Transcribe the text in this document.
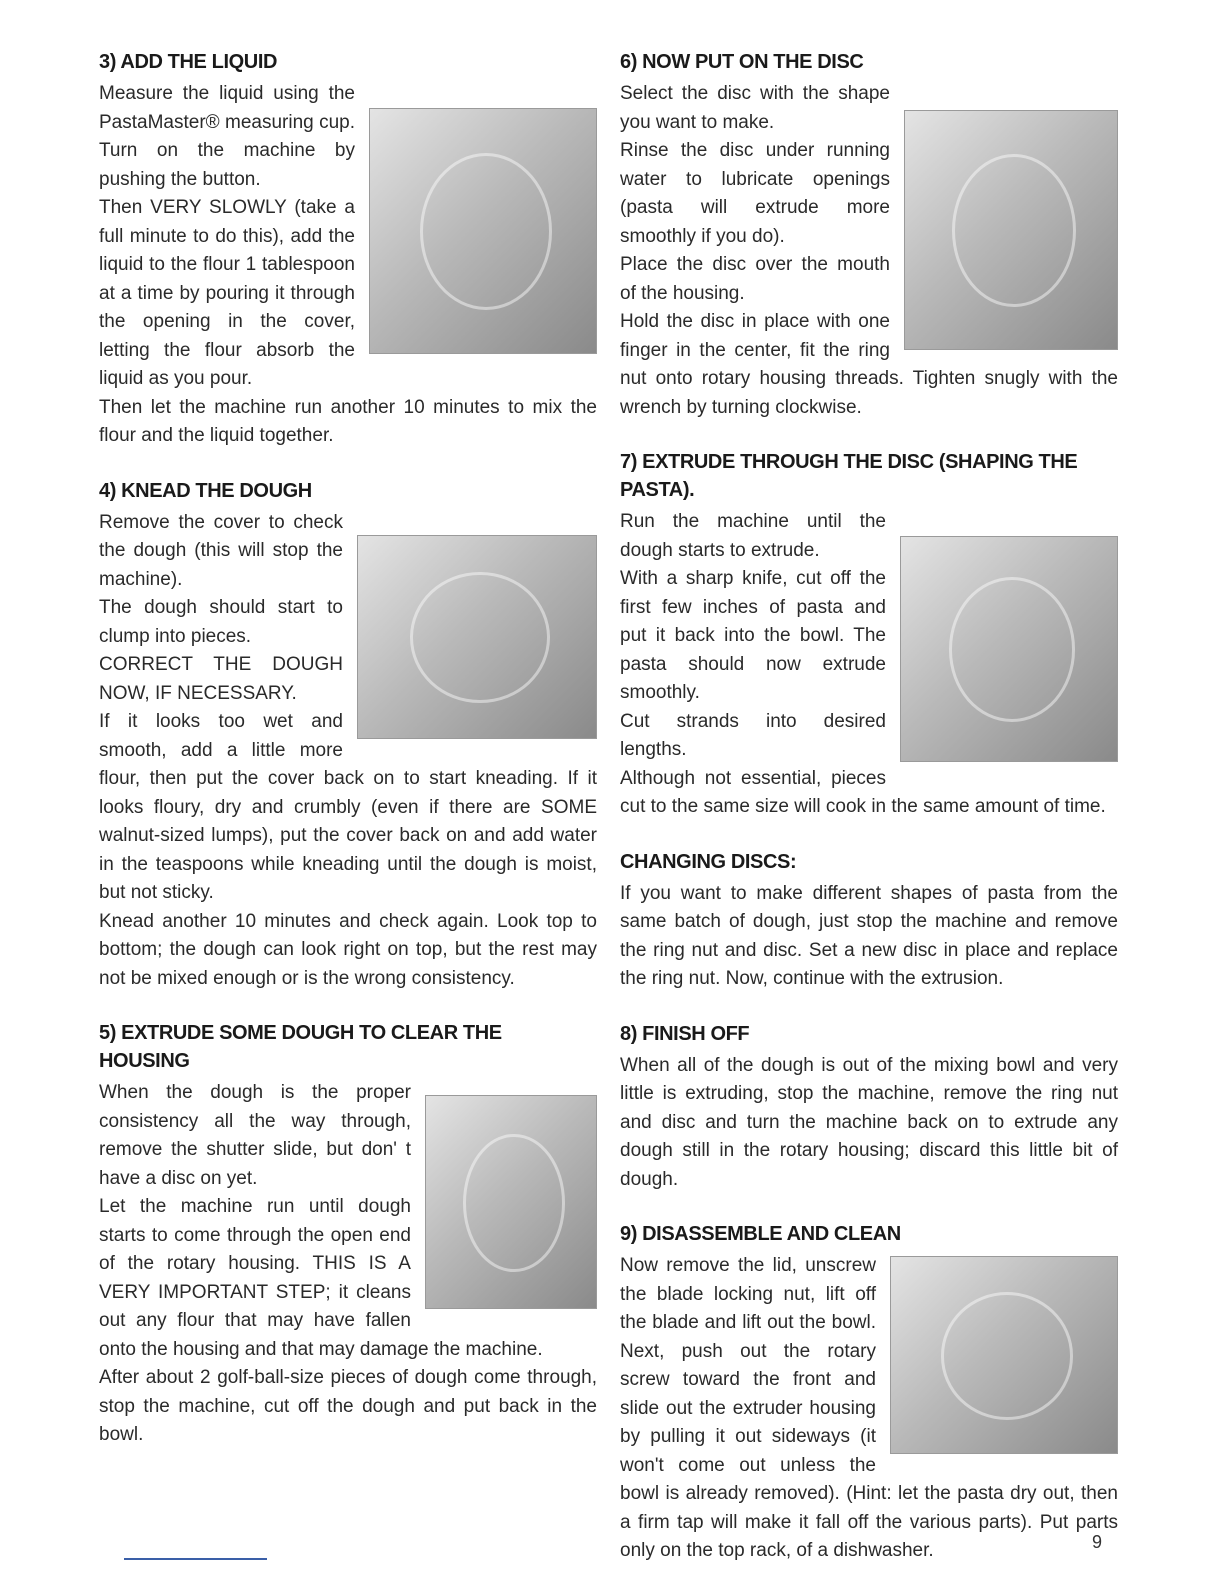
3) ADD THE LIQUID

Measure the liquid using the PastaMaster® measuring cup. Turn on the machine by pushing the button.

Then VERY SLOWLY (take a full minute to do this), add the liquid to the flour 1 tablespoon at a time by pouring it through the opening in the cover, letting the flour absorb the liquid as you pour.

Then let the machine run another 10 minutes to mix the flour and the liquid together.

4) KNEAD THE DOUGH

Remove the cover to check the dough (this will stop the machine).

The dough should start to clump into pieces.

CORRECT THE DOUGH NOW, IF NECESSARY.

If it looks too wet and smooth, add a little more flour, then put the cover back on to start kneading. If it looks floury, dry and crumbly (even if there are SOME walnut-sized lumps), put the cover back on and add water in the teaspoons while kneading until the dough is moist, but not sticky.

Knead another 10 minutes and check again. Look top to bottom; the dough can look right on top, but the rest may not be mixed enough or is the wrong consistency.

5) EXTRUDE SOME DOUGH TO CLEAR THE HOUSING

When the dough is the proper consistency all the way through, remove the shutter slide, but don' t have a disc on yet.

Let the machine run until dough starts to come through the open end of the rotary housing. THIS IS A VERY IMPORTANT STEP; it cleans out any flour that may have fallen onto the housing and that may damage the machine.

After about 2 golf-ball-size pieces of dough come through, stop the machine, cut off the dough and put back in the bowl.

6) NOW PUT ON THE DISC

Select the disc with the shape you want to make.

Rinse the disc under running water to lubricate openings (pasta will extrude more smoothly if you do).

Place the disc over the mouth of the housing.

Hold the disc in place with one finger in the center, fit the ring nut onto rotary housing threads. Tighten snugly with the wrench by turning clockwise.

7) EXTRUDE THROUGH THE DISC (SHAPING THE PASTA).

Run the machine until the dough starts to extrude.

With a sharp knife, cut off the first few inches of pasta and put it back into the bowl. The pasta should now extrude smoothly.

Cut strands into desired lengths.

Although not essential, pieces cut to the same size will cook in the same amount of time.

CHANGING DISCS:

If you want to make different shapes of pasta from the same batch of dough, just stop the machine and remove the ring nut and disc. Set a new disc in place and replace the ring nut. Now, continue with the extrusion.

8) FINISH OFF

When all of the dough is out of the mixing bowl and very little is extruding, stop the machine, remove the ring nut and disc and turn the machine back on to extrude any dough still in the rotary housing; discard this little bit of dough.

9) DISASSEMBLE AND CLEAN

Now remove the lid, unscrew the blade locking nut, lift off the blade and lift out the bowl. Next, push out the rotary screw toward the front and slide out the extruder housing by pulling it out sideways (it won't come out unless the bowl is already removed). (Hint: let the pasta dry out, then a firm tap will make it fall off the various parts). Put parts only on the top rack, of a dishwasher.	9
